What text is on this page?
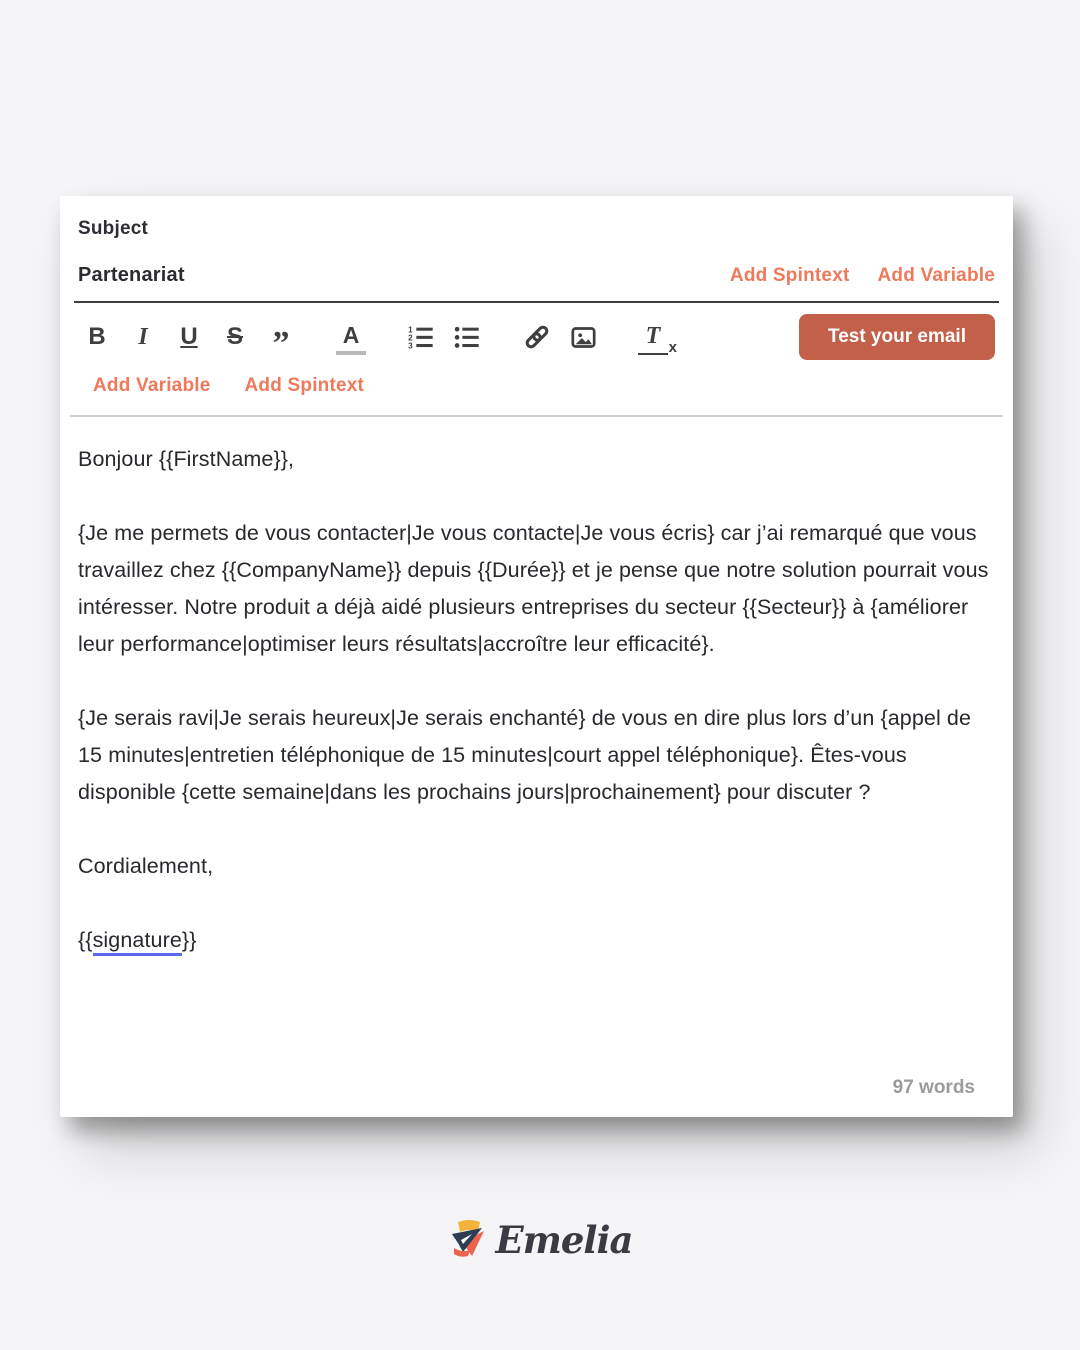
Subject
Partenariat	Add Spintext Add Variable
B	I	U S ” A	1
2
3	T x
Test your email
Add Variable Add Spintext

Bonjour {{FirstName}},

{Je me permets de vous contacter|Je vous contacte|Je vous écris} car j’ai remarqué que vous travaillez chez {{CompanyName}} depuis {{Durée}} et je pense que notre solution pourrait vous intéresser. Notre produit a déjà aidé plusieurs entreprises du secteur {{Secteur}} à {améliorer leur performance|optimiser leurs résultats|accroître leur efficacité}.

{Je serais ravi|Je serais heureux|Je serais enchanté} de vous en dire plus lors d’un {appel de 15 minutes|entretien téléphonique de 15 minutes|court appel téléphonique}. Êtes-vous disponible {cette semaine|dans les prochains jours|prochainement} pour discuter ?

Cordialement,

{{signature}}

97 words
Emelia
